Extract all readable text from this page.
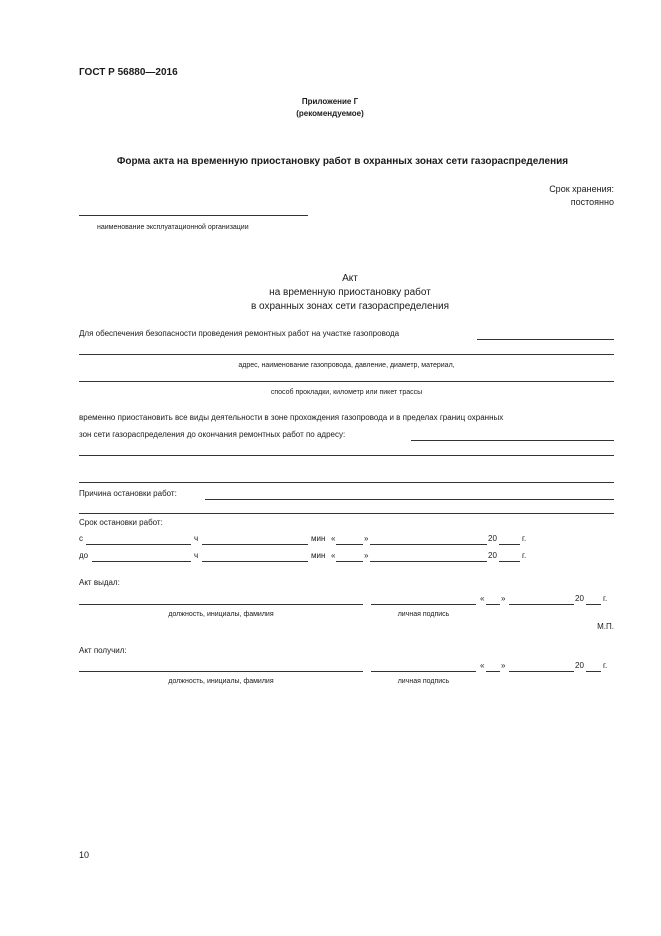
ГОСТ Р 56880—2016
Приложение Г
(рекомендуемое)
Форма акта на временную приостановку работ в охранных зонах сети газораспределения
Срок хранения:
постоянно
наименование эксплуатационной организации
Акт
на временную приостановку работ
в охранных зонах сети газораспределения
Для обеспечения безопасности проведения ремонтных работ на участке газопровода
адрес, наименование газопровода, давление, диаметр, материал,
способ прокладки, километр или пикет трассы
временно приостановить все виды деятельности в зоне прохождения газопровода и в пределах границ охранных
зон сети газораспределения до окончания ремонтных работ по адресу:
Причина остановки работ:
Срок остановки работ:
с	ч	мин «	»	20	г.
до	ч	мин «	»	20	г.
Акт выдал:
« »	20 г.
должность, инициалы, фамилия	личная подпись
М.П.
Акт получил:
« »	20 г.
должность, инициалы, фамилия	личная подпись
10
